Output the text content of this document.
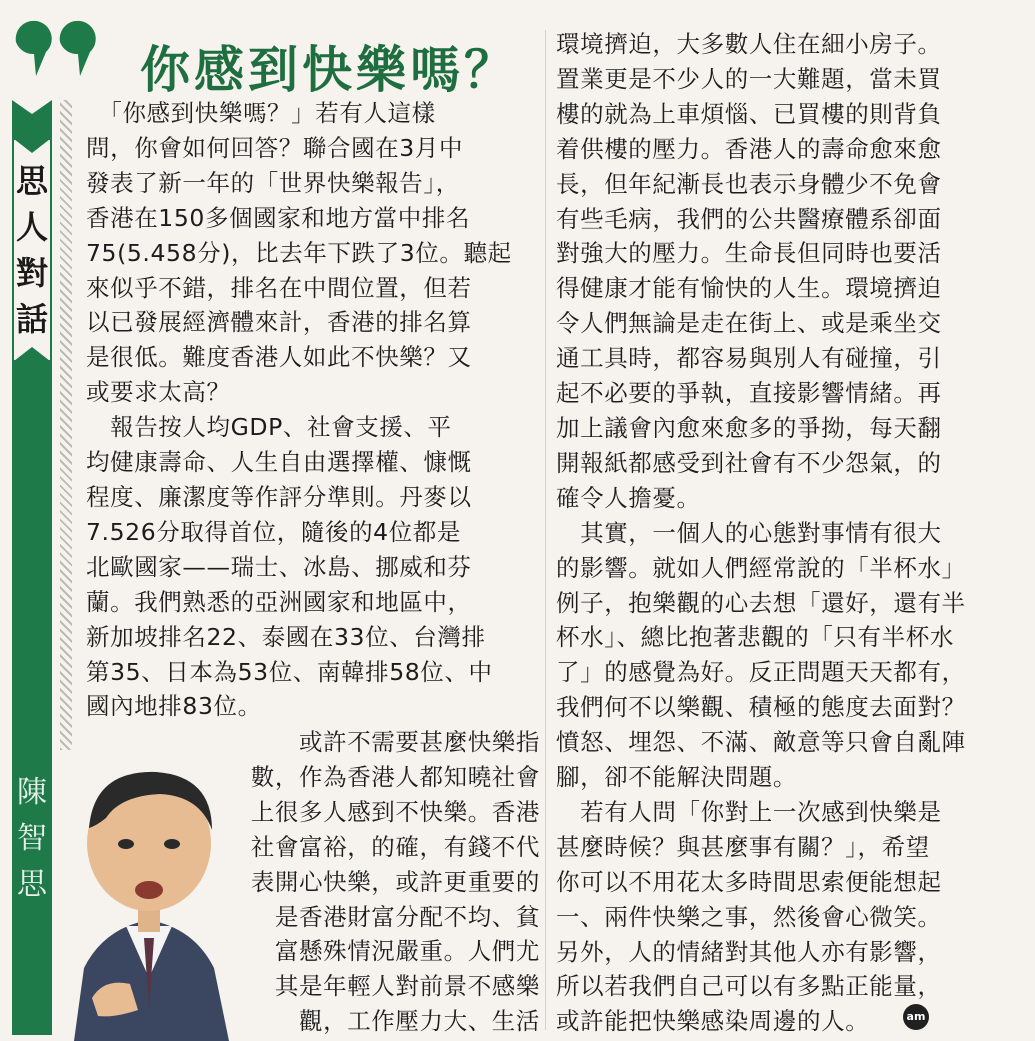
思
人
對
話
陳
智
思
你感到快樂嗎？
　「你感到快樂嗎？」若有人這樣
問，你會如何回答？聯合國在3月中
發表了新一年的「世界快樂報告」，
香港在150多個國家和地方當中排名
75(5.458分)，比去年下跌了3位。聽起
來似乎不錯，排名在中間位置，但若
以已發展經濟體來計，香港的排名算
是很低。難度香港人如此不快樂？又
或要求太高？
　報告按人均GDP、社會支援、平
均健康壽命、人生自由選擇權、慷慨
程度、廉潔度等作評分準則。丹麥以
7.526分取得首位，隨後的4位都是
北歐國家——瑞士、冰島、挪威和芬
蘭。我們熟悉的亞洲國家和地區中，
新加坡排名22、泰國在33位、台灣排
第35、日本為53位、南韓排58位、中
國內地排83位。
或許不需要甚麼快樂指
數，作為香港人都知曉社會
上很多人感到不快樂。香港
社會富裕，的確，有錢不代
表開心快樂，或許更重要的
是香港財富分配不均、貧
富懸殊情況嚴重。人們尤
其是年輕人對前景不感樂
觀，工作壓力大、生活
環境擠迫，大多數人住在細小房子。
置業更是不少人的一大難題，當未買
樓的就為上車煩惱、已買樓的則背負
着供樓的壓力。香港人的壽命愈來愈
長，但年紀漸長也表示身體少不免會
有些毛病，我們的公共醫療體系卻面
對強大的壓力。生命長但同時也要活
得健康才能有愉快的人生。環境擠迫
令人們無論是走在街上、或是乘坐交
通工具時，都容易與別人有碰撞，引
起不必要的爭執，直接影響情緒。再
加上議會內愈來愈多的爭拗，每天翻
開報紙都感受到社會有不少怨氣，的
確令人擔憂。
　其實，一個人的心態對事情有很大
的影響。就如人們經常說的「半杯水」
例子，抱樂觀的心去想「還好，還有半
杯水」、總比抱著悲觀的「只有半杯水
了」的感覺為好。反正問題天天都有，
我們何不以樂觀、積極的態度去面對？
憤怒、埋怨、不滿、敵意等只會自亂陣
腳，卻不能解決問題。
　若有人問「你對上一次感到快樂是
甚麼時候？與甚麼事有關？」，希望
你可以不用花太多時間思索便能想起
一、兩件快樂之事，然後會心微笑。
另外，人的情緒對其他人亦有影響，
所以若我們自己可以有多點正能量，
或許能把快樂感染周邊的人。	am
